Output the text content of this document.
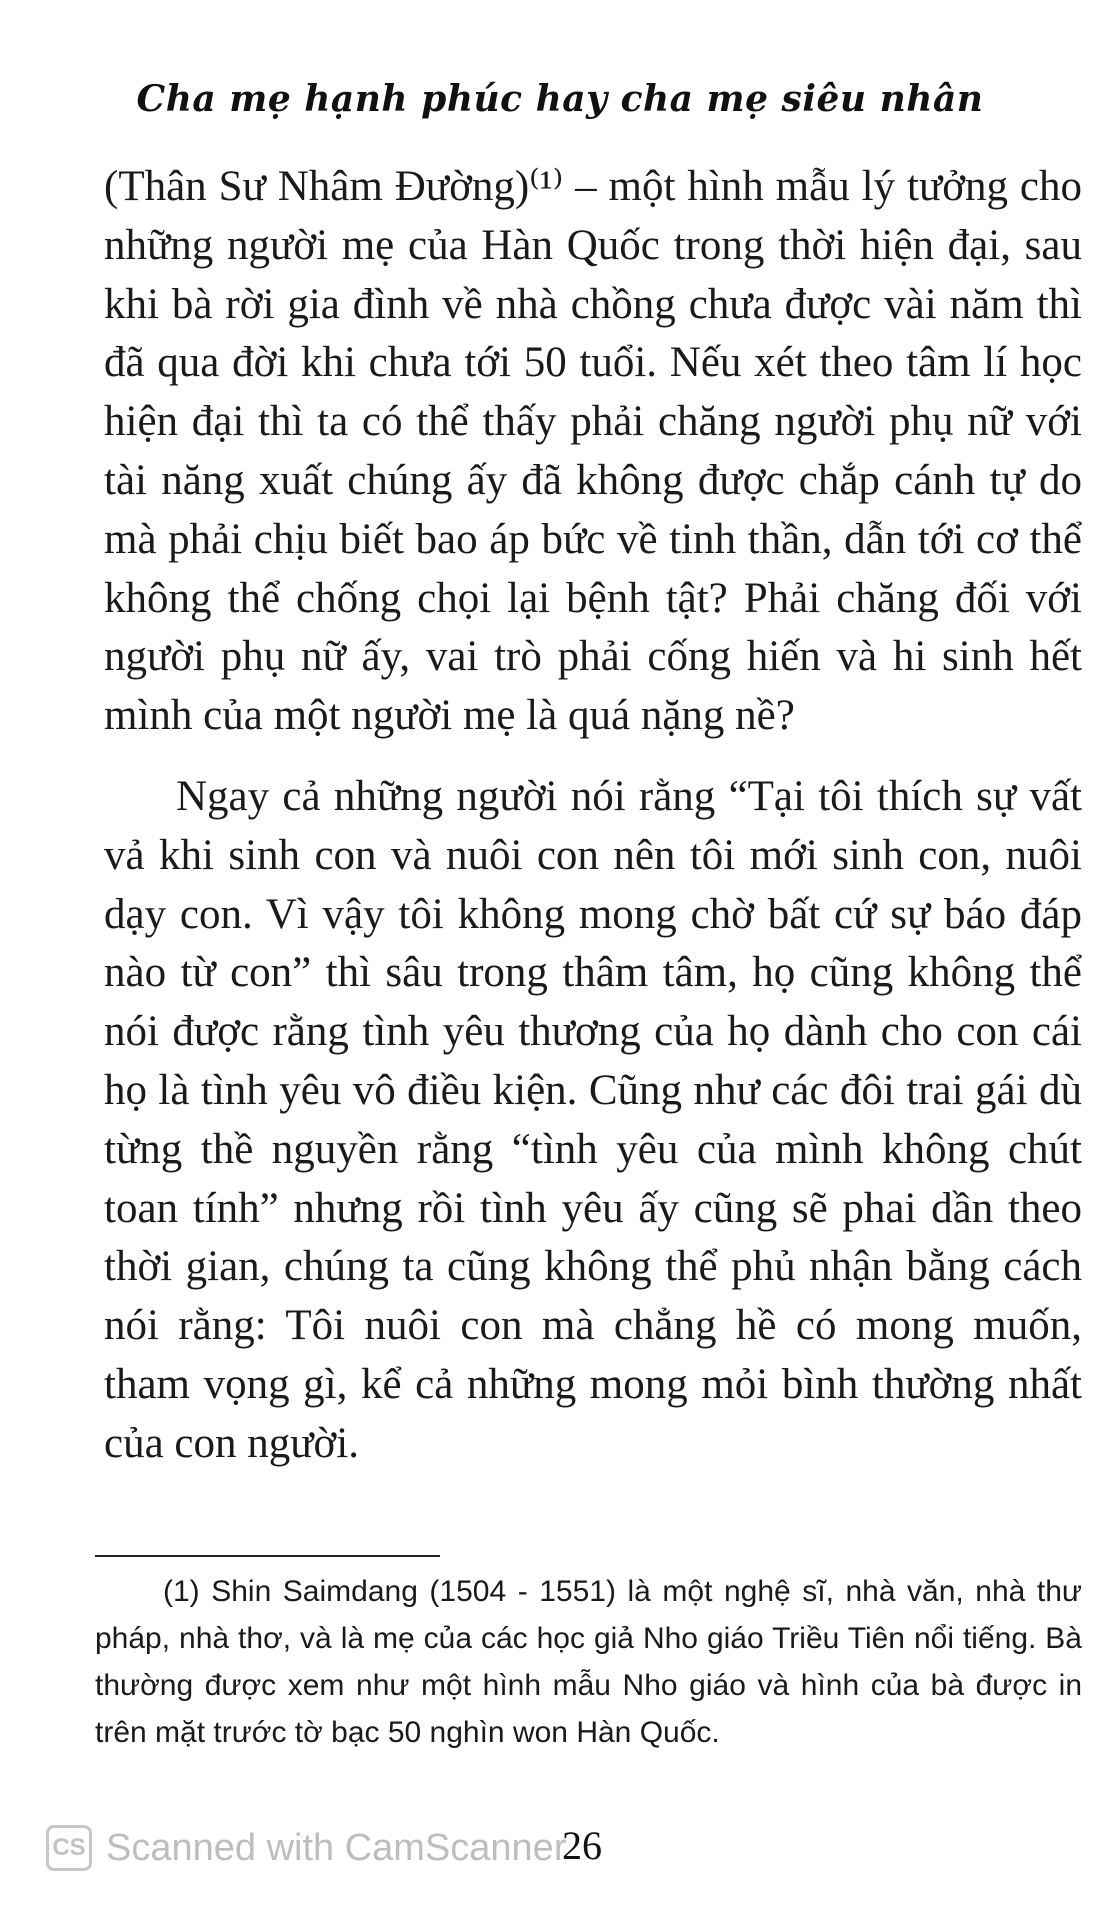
Cha mẹ hạnh phúc hay cha mẹ siêu nhân

(Thân Sư Nhâm Đường)⁽¹⁾ – một hình mẫu lý tưởng cho những người mẹ của Hàn Quốc trong thời hiện đại, sau khi bà rời gia đình về nhà chồng chưa được vài năm thì đã qua đời khi chưa tới 50 tuổi. Nếu xét theo tâm lí học hiện đại thì ta có thể thấy phải chăng người phụ nữ với tài năng xuất chúng ấy đã không được chắp cánh tự do mà phải chịu biết bao áp bức về tinh thần, dẫn tới cơ thể không thể chống chọi lại bệnh tật? Phải chăng đối với người phụ nữ ấy, vai trò phải cống hiến và hi sinh hết mình của một người mẹ là quá nặng nề?

Ngay cả những người nói rằng “Tại tôi thích sự vất vả khi sinh con và nuôi con nên tôi mới sinh con, nuôi dạy con. Vì vậy tôi không mong chờ bất cứ sự báo đáp nào từ con” thì sâu trong thâm tâm, họ cũng không thể nói được rằng tình yêu thương của họ dành cho con cái họ là tình yêu vô điều kiện. Cũng như các đôi trai gái dù từng thề nguyền rằng “tình yêu của mình không chút toan tính” nhưng rồi tình yêu ấy cũng sẽ phai dần theo thời gian, chúng ta cũng không thể phủ nhận bằng cách nói rằng: Tôi nuôi con mà chẳng hề có mong muốn, tham vọng gì, kể cả những mong mỏi bình thường nhất của con người.

(1) Shin Saimdang (1504 - 1551) là một nghệ sĩ, nhà văn, nhà thư pháp, nhà thơ, và là mẹ của các học giả Nho giáo Triều Tiên nổi tiếng. Bà thường được xem như một hình mẫu Nho giáo và hình của bà được in trên mặt trước tờ bạc 50 nghìn won Hàn Quốc.

CS Scanned with CamScanner
26
